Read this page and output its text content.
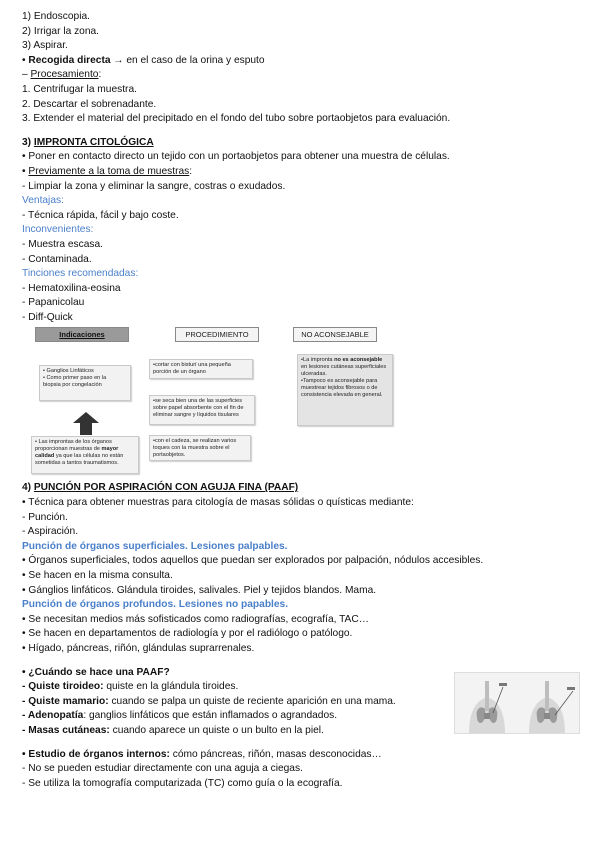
1) Endoscopia.
2) Irrigar la zona.
3) Aspirar.
• Recogida directa → en el caso de la orina y esputo
– Procesamiento:
1. Centrifugar la muestra.
2. Descartar el sobrenadante.
3. Extender el material del precipitado en el fondo del tubo sobre portaobjetos para evaluación.
3) IMPRONTA CITOLÓGICA
• Poner en contacto directo un tejido con un portaobjetos para obtener una muestra de células.
• Previamente a la toma de muestras:
- Limpiar la zona y eliminar la sangre, costras o exudados.
Ventajas:
- Técnica rápida, fácil y bajo coste.
Inconvenientes:
- Muestra escasa.
- Contaminada.
Tinciones recomendadas:
- Hematoxilina-eosina
- Papanicolau
- Diff-Quick
Indicaciones	PROCEDIMIENTO	NO ACONSEJABLE
• Ganglios Linfáticos
• Como primer paso en la
biopsia por congelación
• Las improntas de los órganos proporcionan muestras de mayor calidad ya que las células no están sometidas a tantos traumatismos.
•cortar con bisturí una pequeña porción de un órgano
•se seca bien una de las superficies sobre papel absorbente con el fin de eliminar sangre y líquidos tisulares
•con el cadeza, se realizan varios toques con la muestra sobre el portaobjetos.
•La impronta no es aconsejable en lesiones cutáneas superficiales ulceradas.
•Tampoco es aconsejable para muestrear tejidos fibrosos o de consistencia elevada en general.
4) PUNCIÓN POR ASPIRACIÓN CON AGUJA FINA (PAAF)
• Técnica para obtener muestras para citología de masas sólidas o quísticas mediante:
- Punción.
- Aspiración.
Punción de órganos superficiales. Lesiones palpables.
• Órganos superficiales, todos aquellos que puedan ser explorados por palpación, nódulos accesibles.
• Se hacen en la misma consulta.
• Gánglios linfáticos. Glándula tiroides, salivales. Piel y tejidos blandos. Mama.
Punción de órganos profundos. Lesiones no papables.
• Se necesitan medios más sofisticados como radiografías, ecografía, TAC…
• Se hacen en departamentos de radiología y por el radiólogo o patólogo.
• Hígado, páncreas, riñón, glándulas suprarrenales.
• ¿Cuándo se hace una PAAF?
- Quiste tiroideo: quiste en la glándula tiroides.
- Quiste mamario: cuando se palpa un quiste de reciente aparición en una mama.
- Adenopatía: ganglios linfáticos que están inflamados o agrandados.
- Masas cutáneas: cuando aparece un quiste o un bulto en la piel.
• Estudio de órganos internos: cómo páncreas, riñón, masas desconocidas…
- No se pueden estudiar directamente con una aguja a ciegas.
- Se utiliza la tomografía computarizada (TC) como guía o la ecografía.
